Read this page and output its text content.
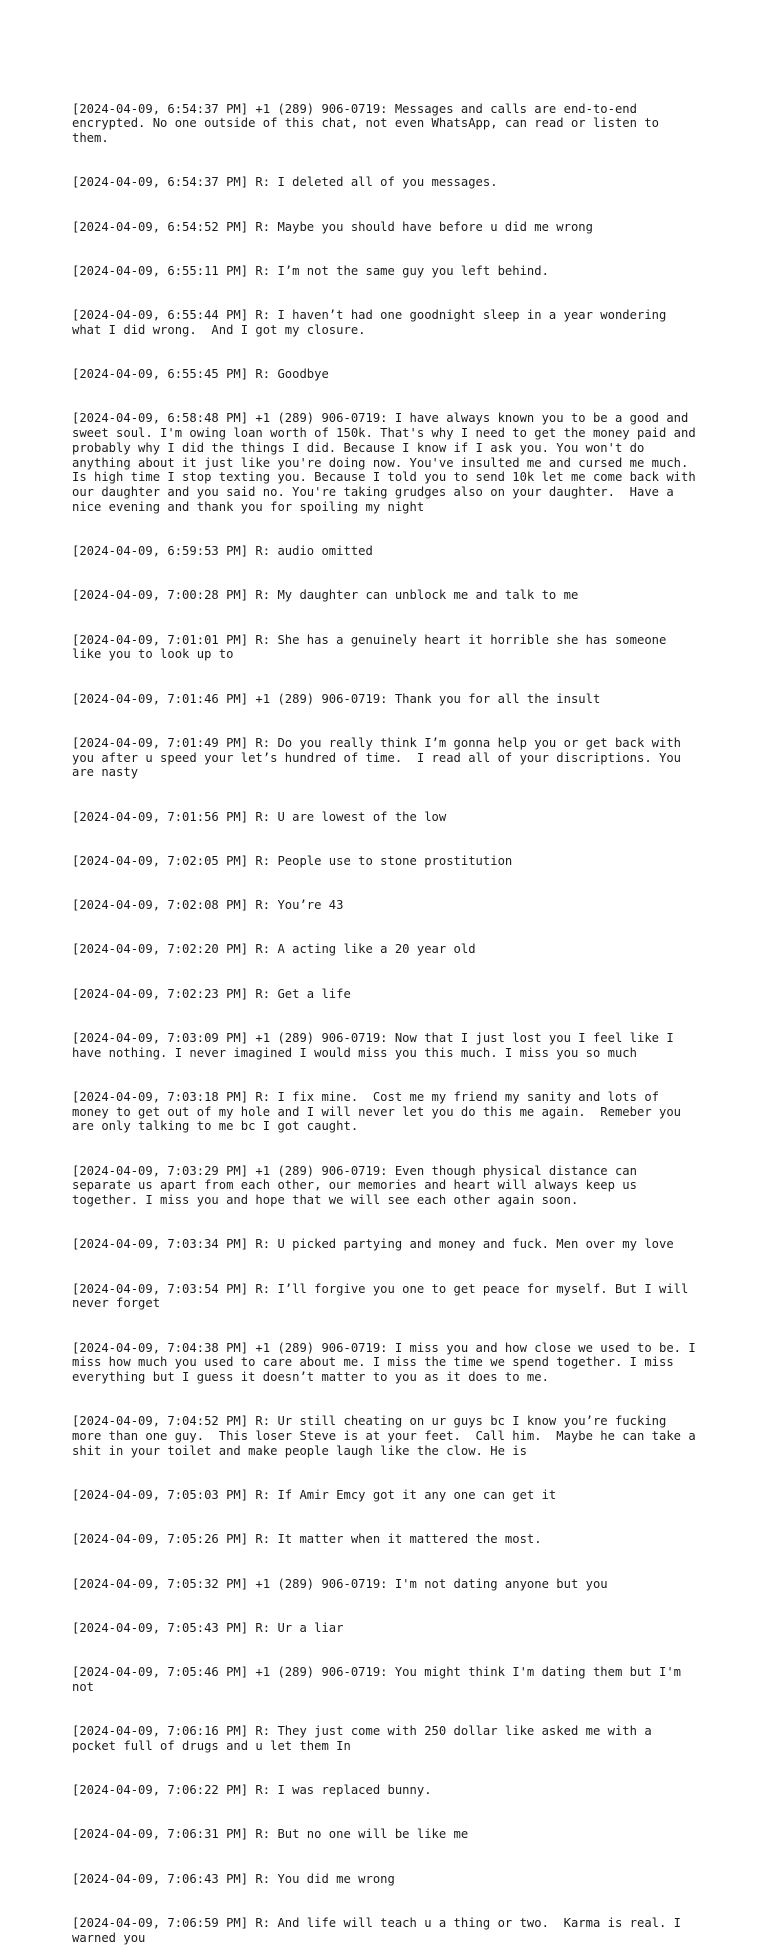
[2024-04-09, 6:54:37 PM] +1 (289) 906-0719: Messages and calls are end-to-end encrypted. No one outside of this chat, not even WhatsApp, can read or listen to them.

[2024-04-09, 6:54:37 PM] R: I deleted all of you messages.

[2024-04-09, 6:54:52 PM] R: Maybe you should have before u did me wrong

[2024-04-09, 6:55:11 PM] R: I’m not the same guy you left behind.

[2024-04-09, 6:55:44 PM] R: I haven’t had one goodnight sleep in a year wondering what I did wrong.  And I got my closure.

[2024-04-09, 6:55:45 PM] R: Goodbye

[2024-04-09, 6:58:48 PM] +1 (289) 906-0719: I have always known you to be a good and sweet soul. I'm owing loan worth of 150k. That's why I need to get the money paid and probably why I did the things I did. Because I know if I ask you. You won't do anything about it just like you're doing now. You've insulted me and cursed me much. Is high time I stop texting you. Because I told you to send 10k let me come back with our daughter and you said no. You're taking grudges also on your daughter.  Have a nice evening and thank you for spoiling my night

[2024-04-09, 6:59:53 PM] R: audio omitted

[2024-04-09, 7:00:28 PM] R: My daughter can unblock me and talk to me

[2024-04-09, 7:01:01 PM] R: She has a genuinely heart it horrible she has someone like you to look up to

[2024-04-09, 7:01:46 PM] +1 (289) 906-0719: Thank you for all the insult

[2024-04-09, 7:01:49 PM] R: Do you really think I’m gonna help you or get back with you after u speed your let’s hundred of time.  I read all of your discriptions. You are nasty

[2024-04-09, 7:01:56 PM] R: U are lowest of the low

[2024-04-09, 7:02:05 PM] R: People use to stone prostitution

[2024-04-09, 7:02:08 PM] R: You’re 43

[2024-04-09, 7:02:20 PM] R: A acting like a 20 year old

[2024-04-09, 7:02:23 PM] R: Get a life

[2024-04-09, 7:03:09 PM] +1 (289) 906-0719: Now that I just lost you I feel like I have nothing. I never imagined I would miss you this much. I miss you so much

[2024-04-09, 7:03:18 PM] R: I fix mine.  Cost me my friend my sanity and lots of money to get out of my hole and I will never let you do this me again.  Remeber you are only talking to me bc I got caught.

[2024-04-09, 7:03:29 PM] +1 (289) 906-0719: Even though physical distance can separate us apart from each other, our memories and heart will always keep us together. I miss you and hope that we will see each other again soon.

[2024-04-09, 7:03:34 PM] R: U picked partying and money and fuck. Men over my love

[2024-04-09, 7:03:54 PM] R: I’ll forgive you one to get peace for myself. But I will never forget

[2024-04-09, 7:04:38 PM] +1 (289) 906-0719: I miss you and how close we used to be. I miss how much you used to care about me. I miss the time we spend together. I miss everything but I guess it doesn’t matter to you as it does to me.

[2024-04-09, 7:04:52 PM] R: Ur still cheating on ur guys bc I know you’re fucking more than one guy.  This loser Steve is at your feet.  Call him.  Maybe he can take a shit in your toilet and make people laugh like the clow. He is

[2024-04-09, 7:05:03 PM] R: If Amir Emcy got it any one can get it

[2024-04-09, 7:05:26 PM] R: It matter when it mattered the most.

[2024-04-09, 7:05:32 PM] +1 (289) 906-0719: I'm not dating anyone but you

[2024-04-09, 7:05:43 PM] R: Ur a liar

[2024-04-09, 7:05:46 PM] +1 (289) 906-0719: You might think I'm dating them but I'm not

[2024-04-09, 7:06:16 PM] R: They just come with 250 dollar like asked me with a pocket full of drugs and u let them In

[2024-04-09, 7:06:22 PM] R: I was replaced bunny.

[2024-04-09, 7:06:31 PM] R: But no one will be like me

[2024-04-09, 7:06:43 PM] R: You did me wrong

[2024-04-09, 7:06:59 PM] R: And life will teach u a thing or two.  Karma is real. I warned you
